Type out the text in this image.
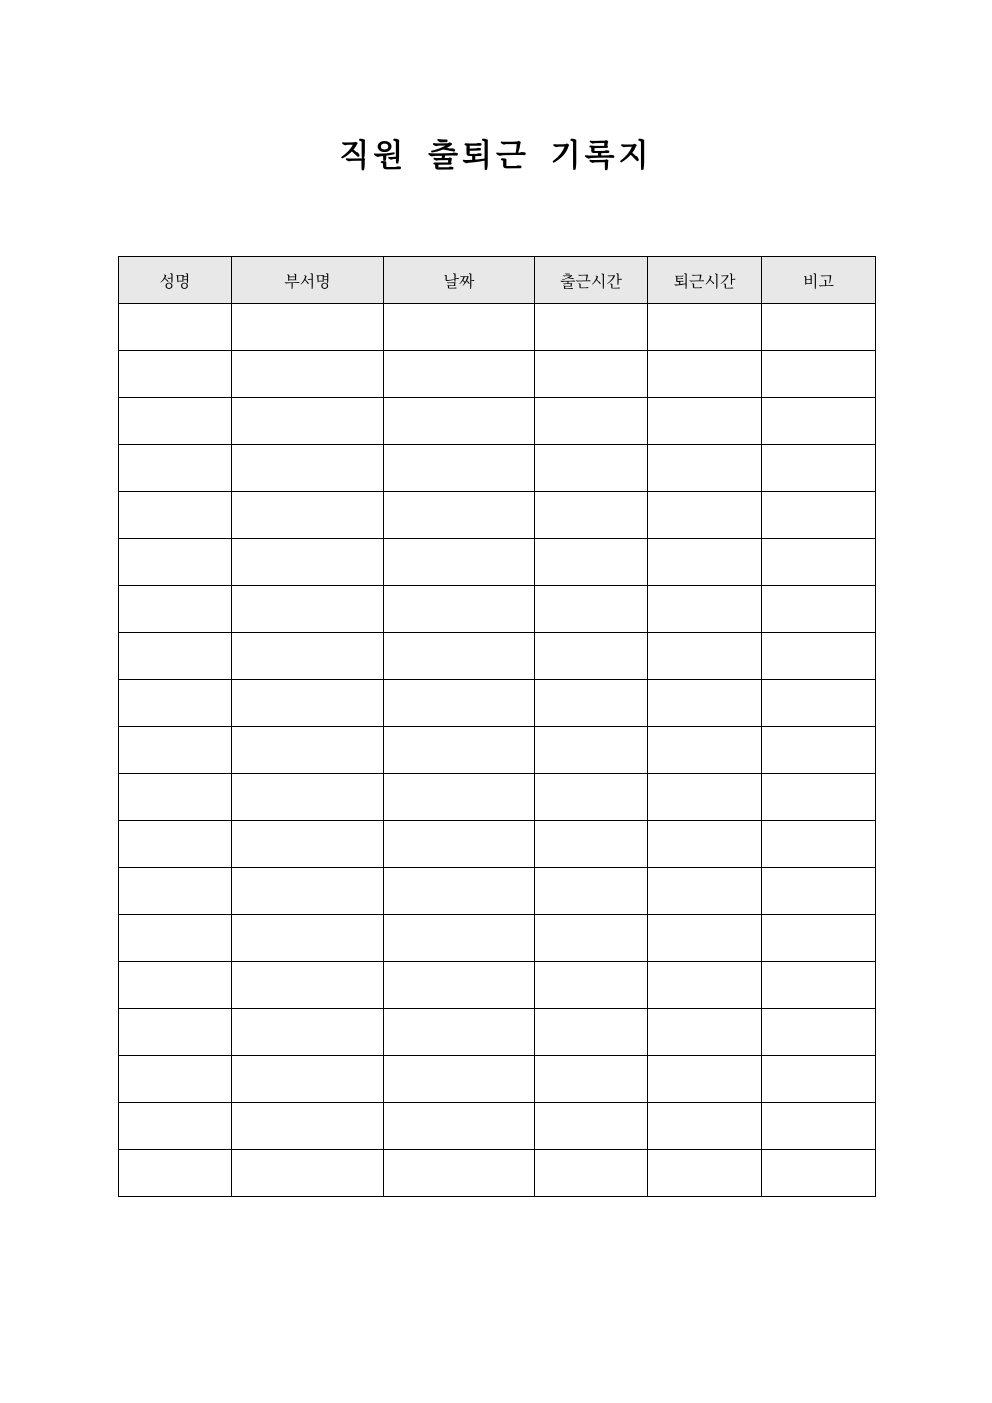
직원 출퇴근 기록지
성명	부서명	날짜	출근시간	퇴근시간	비고
